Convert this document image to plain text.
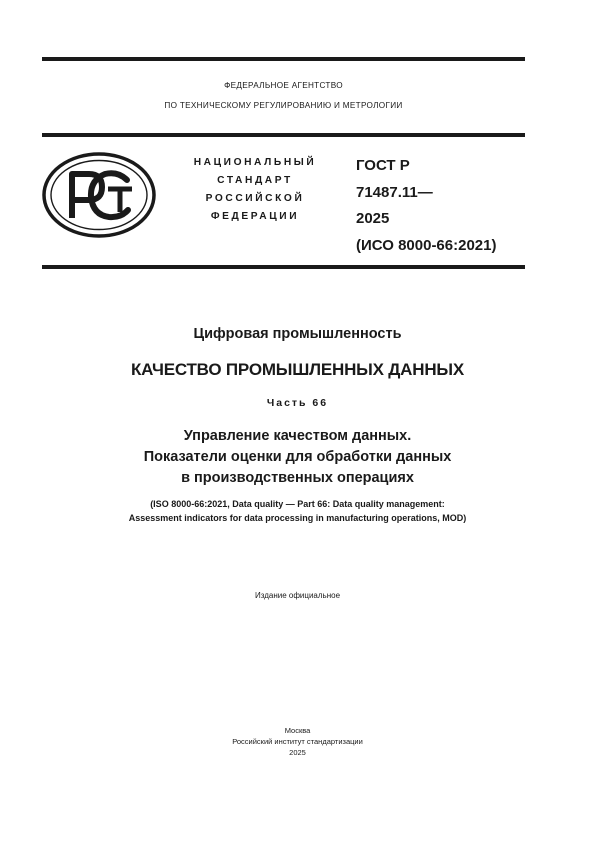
ФЕДЕРАЛЬНОЕ АГЕНТСТВО
ПО ТЕХНИЧЕСКОМУ РЕГУЛИРОВАНИЮ И МЕТРОЛОГИИ
НАЦИОНАЛЬНЫЙ
СТАНДАРТ
РОССИЙСКОЙ
ФЕДЕРАЦИИ
ГОСТ Р
71487.11—
2025
(ИСО 8000-66:2021)
Цифровая промышленность
КАЧЕСТВО ПРОМЫШЛЕННЫХ ДАННЫХ
Часть 66
Управление качеством данных.
Показатели оценки для обработки данных
в производственных операциях
(ISO 8000-66:2021, Data quality — Part 66: Data quality management:
Assessment indicators for data processing in manufacturing operations, MOD)
Издание официальное
Москва
Российский институт стандартизации
2025
